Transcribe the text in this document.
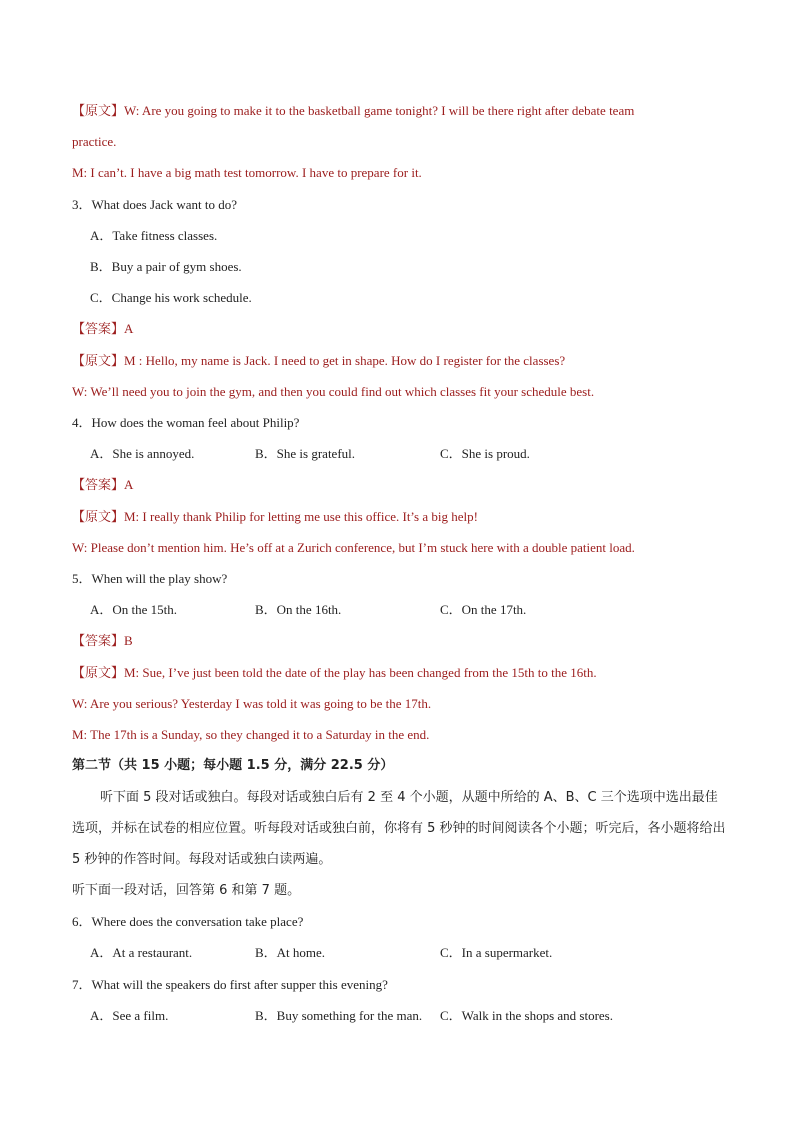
【原文】W: Are you going to make it to the basketball game tonight? I will be there right after debate team
practice.
M: I can’t. I have a big math test tomorrow. I have to prepare for it.
3．What does Jack want to do?
A．Take fitness classes.
B．Buy a pair of gym shoes.
C．Change his work schedule.
【答案】A
【原文】M : Hello, my name is Jack. I need to get in shape. How do I register for the classes?
W: We’ll need you to join the gym, and then you could find out which classes fit your schedule best.
4．How does the woman feel about Philip?
A．She is annoyed.	B．She is grateful.	C．She is proud.
【答案】A
【原文】M: I really thank Philip for letting me use this office. It’s a big help!
W: Please don’t mention him. He’s off at a Zurich conference, but I’m stuck here with a double patient load.
5．When will the play show?
A．On the 15th.	B．On the 16th.	C．On the 17th.
【答案】B
【原文】M: Sue, I’ve just been told the date of the play has been changed from the 15th to the 16th.
W: Are you serious? Yesterday I was told it was going to be the 17th.
M: The 17th is a Sunday, so they changed it to a Saturday in the end.
第二节（共 15 小题；每小题 1.5 分，满分 22.5 分）
听下面 5 段对话或独白。每段对话或独白后有 2 至 4 个小题，从题中所给的 A、B、C 三个选项中选出最佳选项，并标在试卷的相应位置。听每段对话或独白前，你将有 5 秒钟的时间阅读各个小题；听完后，各小题将给出 5 秒钟的作答时间。每段对话或独白读两遍。
听下面一段对话，回答第 6 和第 7 题。
6．Where does the conversation take place?
A．At a restaurant.	B．At home.	C．In a supermarket.
7．What will the speakers do first after supper this evening?
A．See a film.	B．Buy something for the man. C．Walk in the shops and stores.
